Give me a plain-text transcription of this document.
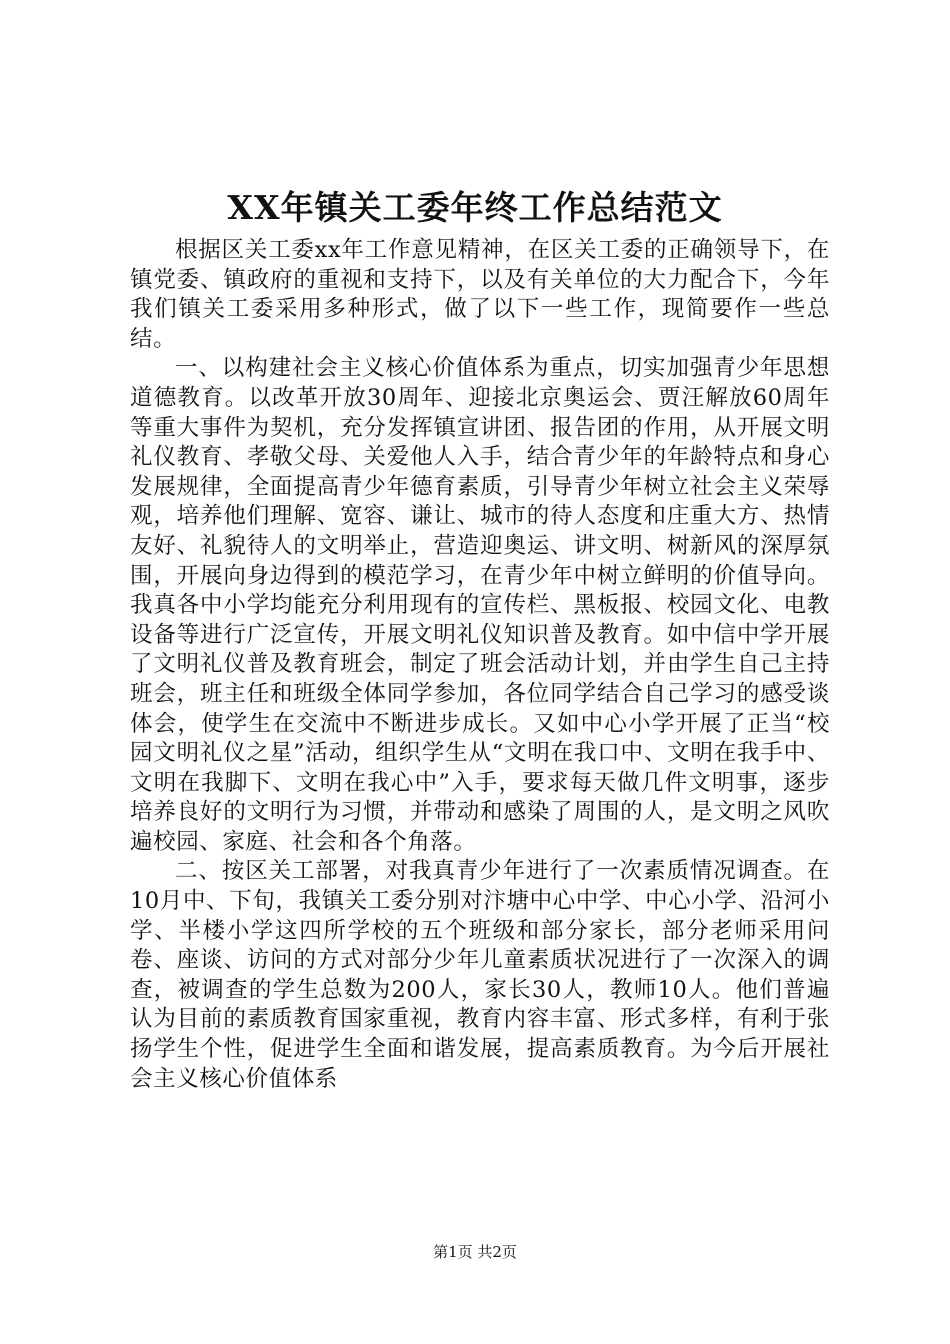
XX年镇关工委年终工作总结范文

根据区关工委xx年工作意见精神，在区关工委的正确领导下，在镇党委、镇政府的重视和支持下，以及有关单位的大力配合下，今年我们镇关工委采用多种形式，做了以下一些工作，现简要作一些总结。

一、以构建社会主义核心价值体系为重点，切实加强青少年思想道德教育。以改革开放30周年、迎接北京奥运会、贾汪解放60周年等重大事件为契机，充分发挥镇宣讲团、报告团的作用，从开展文明礼仪教育、孝敬父母、关爱他人入手，结合青少年的年龄特点和身心发展规律，全面提高青少年德育素质，引导青少年树立社会主义荣辱观，培养他们理解、宽容、谦让、城市的待人态度和庄重大方、热情友好、礼貌待人的文明举止，营造迎奥运、讲文明、树新风的深厚氛围，开展向身边得到的模范学习，在青少年中树立鲜明的价值导向。我真各中小学均能充分利用现有的宣传栏、黑板报、校园文化、电教设备等进行广泛宣传，开展文明礼仪知识普及教育。如中信中学开展了文明礼仪普及教育班会，制定了班会活动计划，并由学生自己主持班会，班主任和班级全体同学参加，各位同学结合自己学习的感受谈体会，使学生在交流中不断进步成长。又如中心小学开展了正当“校园文明礼仪之星”活动，组织学生从“文明在我口中、文明在我手中、文明在我脚下、文明在我心中”入手，要求每天做几件文明事，逐步培养良好的文明行为习惯，并带动和感染了周围的人，是文明之风吹遍校园、家庭、社会和各个角落。

二、按区关工部署，对我真青少年进行了一次素质情况调查。在10月中、下旬，我镇关工委分别对汴塘中心中学、中心小学、沿河小学、半楼小学这四所学校的五个班级和部分家长，部分老师采用问卷、座谈、访问的方式对部分少年儿童素质状况进行了一次深入的调查，被调查的学生总数为200人，家长30人，教师10人。他们普遍认为目前的素质教育国家重视，教育内容丰富、形式多样，有利于张扬学生个性，促进学生全面和谐发展，提高素质教育。为今后开展社会主义核心价值体系

第1页 共2页
